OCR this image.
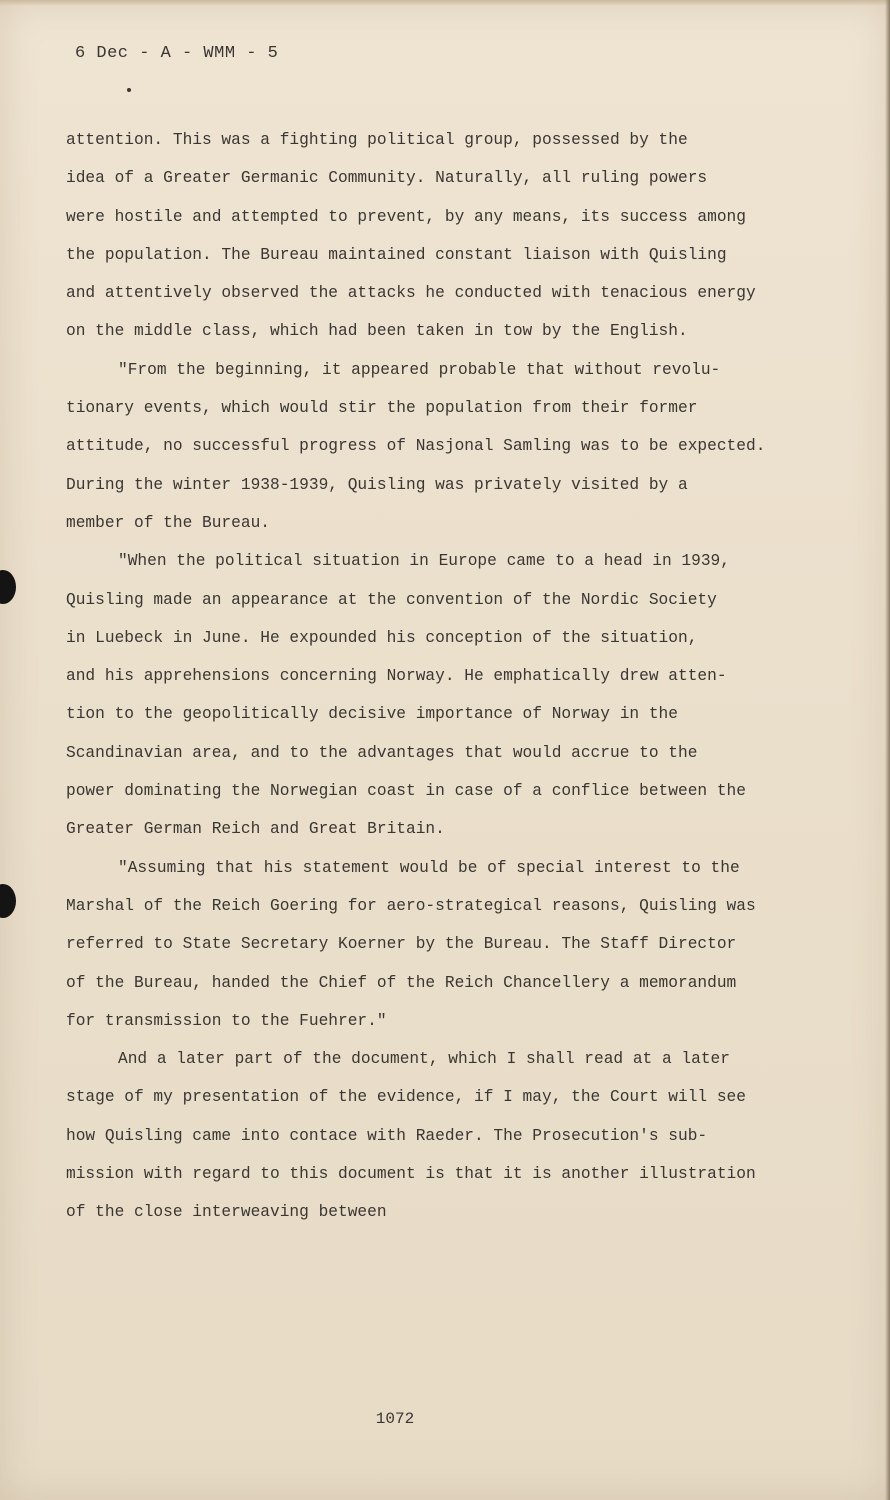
6 Dec - A - WMM - 5
attention. This was a fighting political group, possessed by the
idea of a Greater Germanic Community. Naturally, all ruling powers
were hostile and attempted to prevent, by any means, its success among
the population. The Bureau maintained constant liaison with Quisling
and attentively observed the attacks he conducted with tenacious energy
on the middle class, which had been taken in tow by the English.
"From the beginning, it appeared probable that without revolu-
tionary events, which would stir the population from their former
attitude, no successful progress of Nasjonal Samling was to be expected.
During the winter 1938-1939, Quisling was privately visited by a
member of the Bureau.
"When the political situation in Europe came to a head in 1939,
Quisling made an appearance at the convention of the Nordic Society
in Luebeck in June. He expounded his conception of the situation,
and his apprehensions concerning Norway. He emphatically drew atten-
tion to the geopolitically decisive importance of Norway in the
Scandinavian area, and to the advantages that would accrue to the
power dominating the Norwegian coast in case of a conflice between the
Greater German Reich and Great Britain.
"Assuming that his statement would be of special interest to the
Marshal of the Reich Goering for aero-strategical reasons, Quisling was
referred to State Secretary Koerner by the Bureau. The Staff Director
of the Bureau, handed the Chief of the Reich Chancellery a memorandum
for transmission to the Fuehrer."
And a later part of the document, which I shall read at a later
stage of my presentation of the evidence, if I may, the Court will see
how Quisling came into contace with Raeder. The Prosecution's sub-
mission with regard to this document is that it is another illustration
of the close interweaving between
1072
